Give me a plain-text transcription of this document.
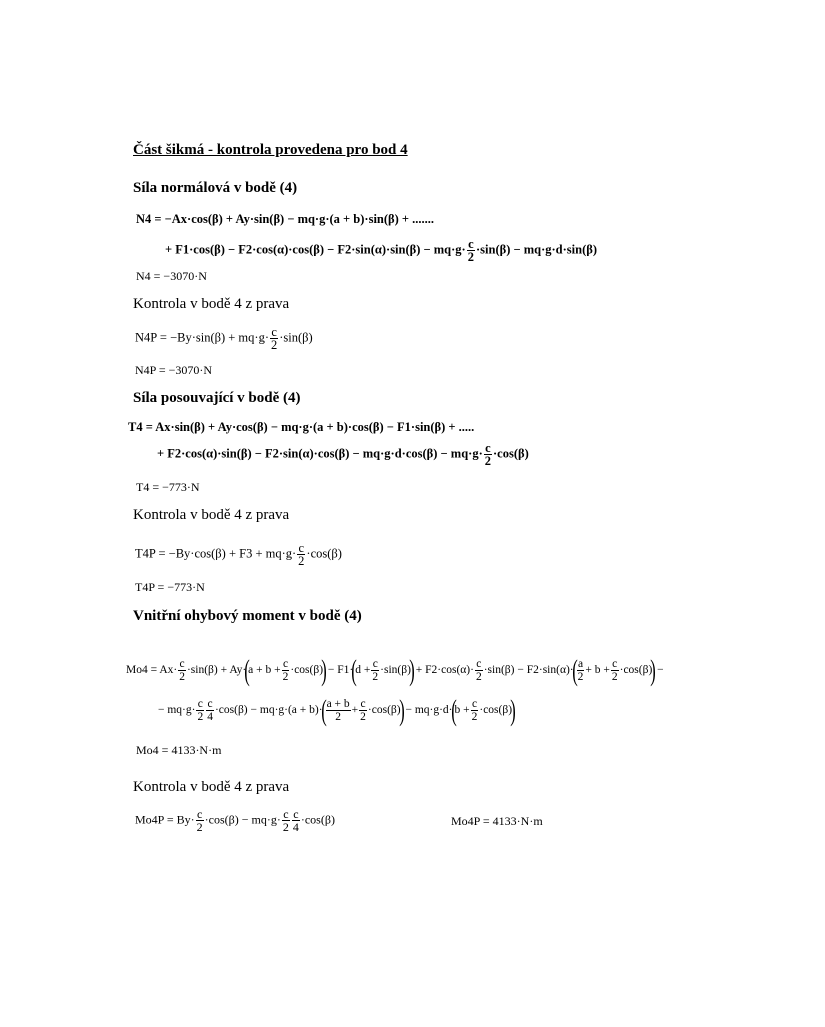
Část šikmá - kontrola provedena pro bod 4
Síla normálová v bodě (4)
N4 = −Ax·cos(β) + Ay·sin(β) − mq·g·(a + b)·sin(β) + .......
+ $F1\cdot\cos(\beta) - F2\cdot\cos(\alpha)\cdot\cos(\beta) - F2\cdot\sin(\alpha)\cdot\sin(\beta) - mq\cdot g\cdot \frac{c}{2} \cdot\sin(\beta) - mq\cdot g\cdot d\cdot\sin(\beta)$
N4 = −3070·N
Kontrola v bodě 4 z prava
$N4P = -By\cdot\sin(\beta) + mq\cdot g\cdot \frac{c}{2} \cdot\sin(\beta)$
N4P = −3070·N
Síla posouvající v bodě (4)
T4 = Ax·sin(β) + Ay·cos(β) − mq·g·(a + b)·cos(β) − F1·sin(β) + .....
+ $F2\cdot\cos(\alpha)\cdot\sin(\beta) - F2\cdot\sin(\alpha)\cdot\cos(\beta) - mq\cdot g\cdot d\cdot\cos(\beta) - mq\cdot g\cdot \frac{c}{2} \cdot\cos(\beta)$
T4 = −773·N
Kontrola v bodě 4 z prava
$T4P = -By\cdot\cos(\beta) + F3 + mq\cdot g\cdot \frac{c}{2} \cdot\cos(\beta)$
T4P = −773·N
Vnitřní ohybový moment v bodě (4)
$Mo4 = Ax\cdot \frac{c}{2} \cdot\sin(\beta) + Ay\cdot(a + b + \frac{c}{2} \cdot\cos(\beta)) - F1\cdot(d + \frac{c}{2} \cdot\sin(\beta)) + F2\cdot\cos(\alpha)\cdot \frac{c}{2} \cdot\sin(\beta) - F2\cdot\sin(\alpha)\cdot( \frac{a}{2} + b + \frac{c}{2} \cdot\cos(\beta))$ −
− $mq\cdot g\cdot \frac{c}{2} \frac{c}{4} \cdot\cos(\beta) - mq\cdot g\cdot(a + b)\cdot( \frac{a + b}{2} + \frac{c}{2} \cdot\cos(\beta)) - mq\cdot g\cdot d\cdot(b + \frac{c}{2} \cdot\cos(\beta))$
Mo4 = 4133·N·m
Kontrola v bodě 4 z prava
$Mo4P = By\cdot \frac{c}{2} \cdot\cos(\beta) - mq\cdot g\cdot \frac{c}{2} \frac{c}{4} \cdot\cos(\beta)$	Mo4P = 4133·N·m
